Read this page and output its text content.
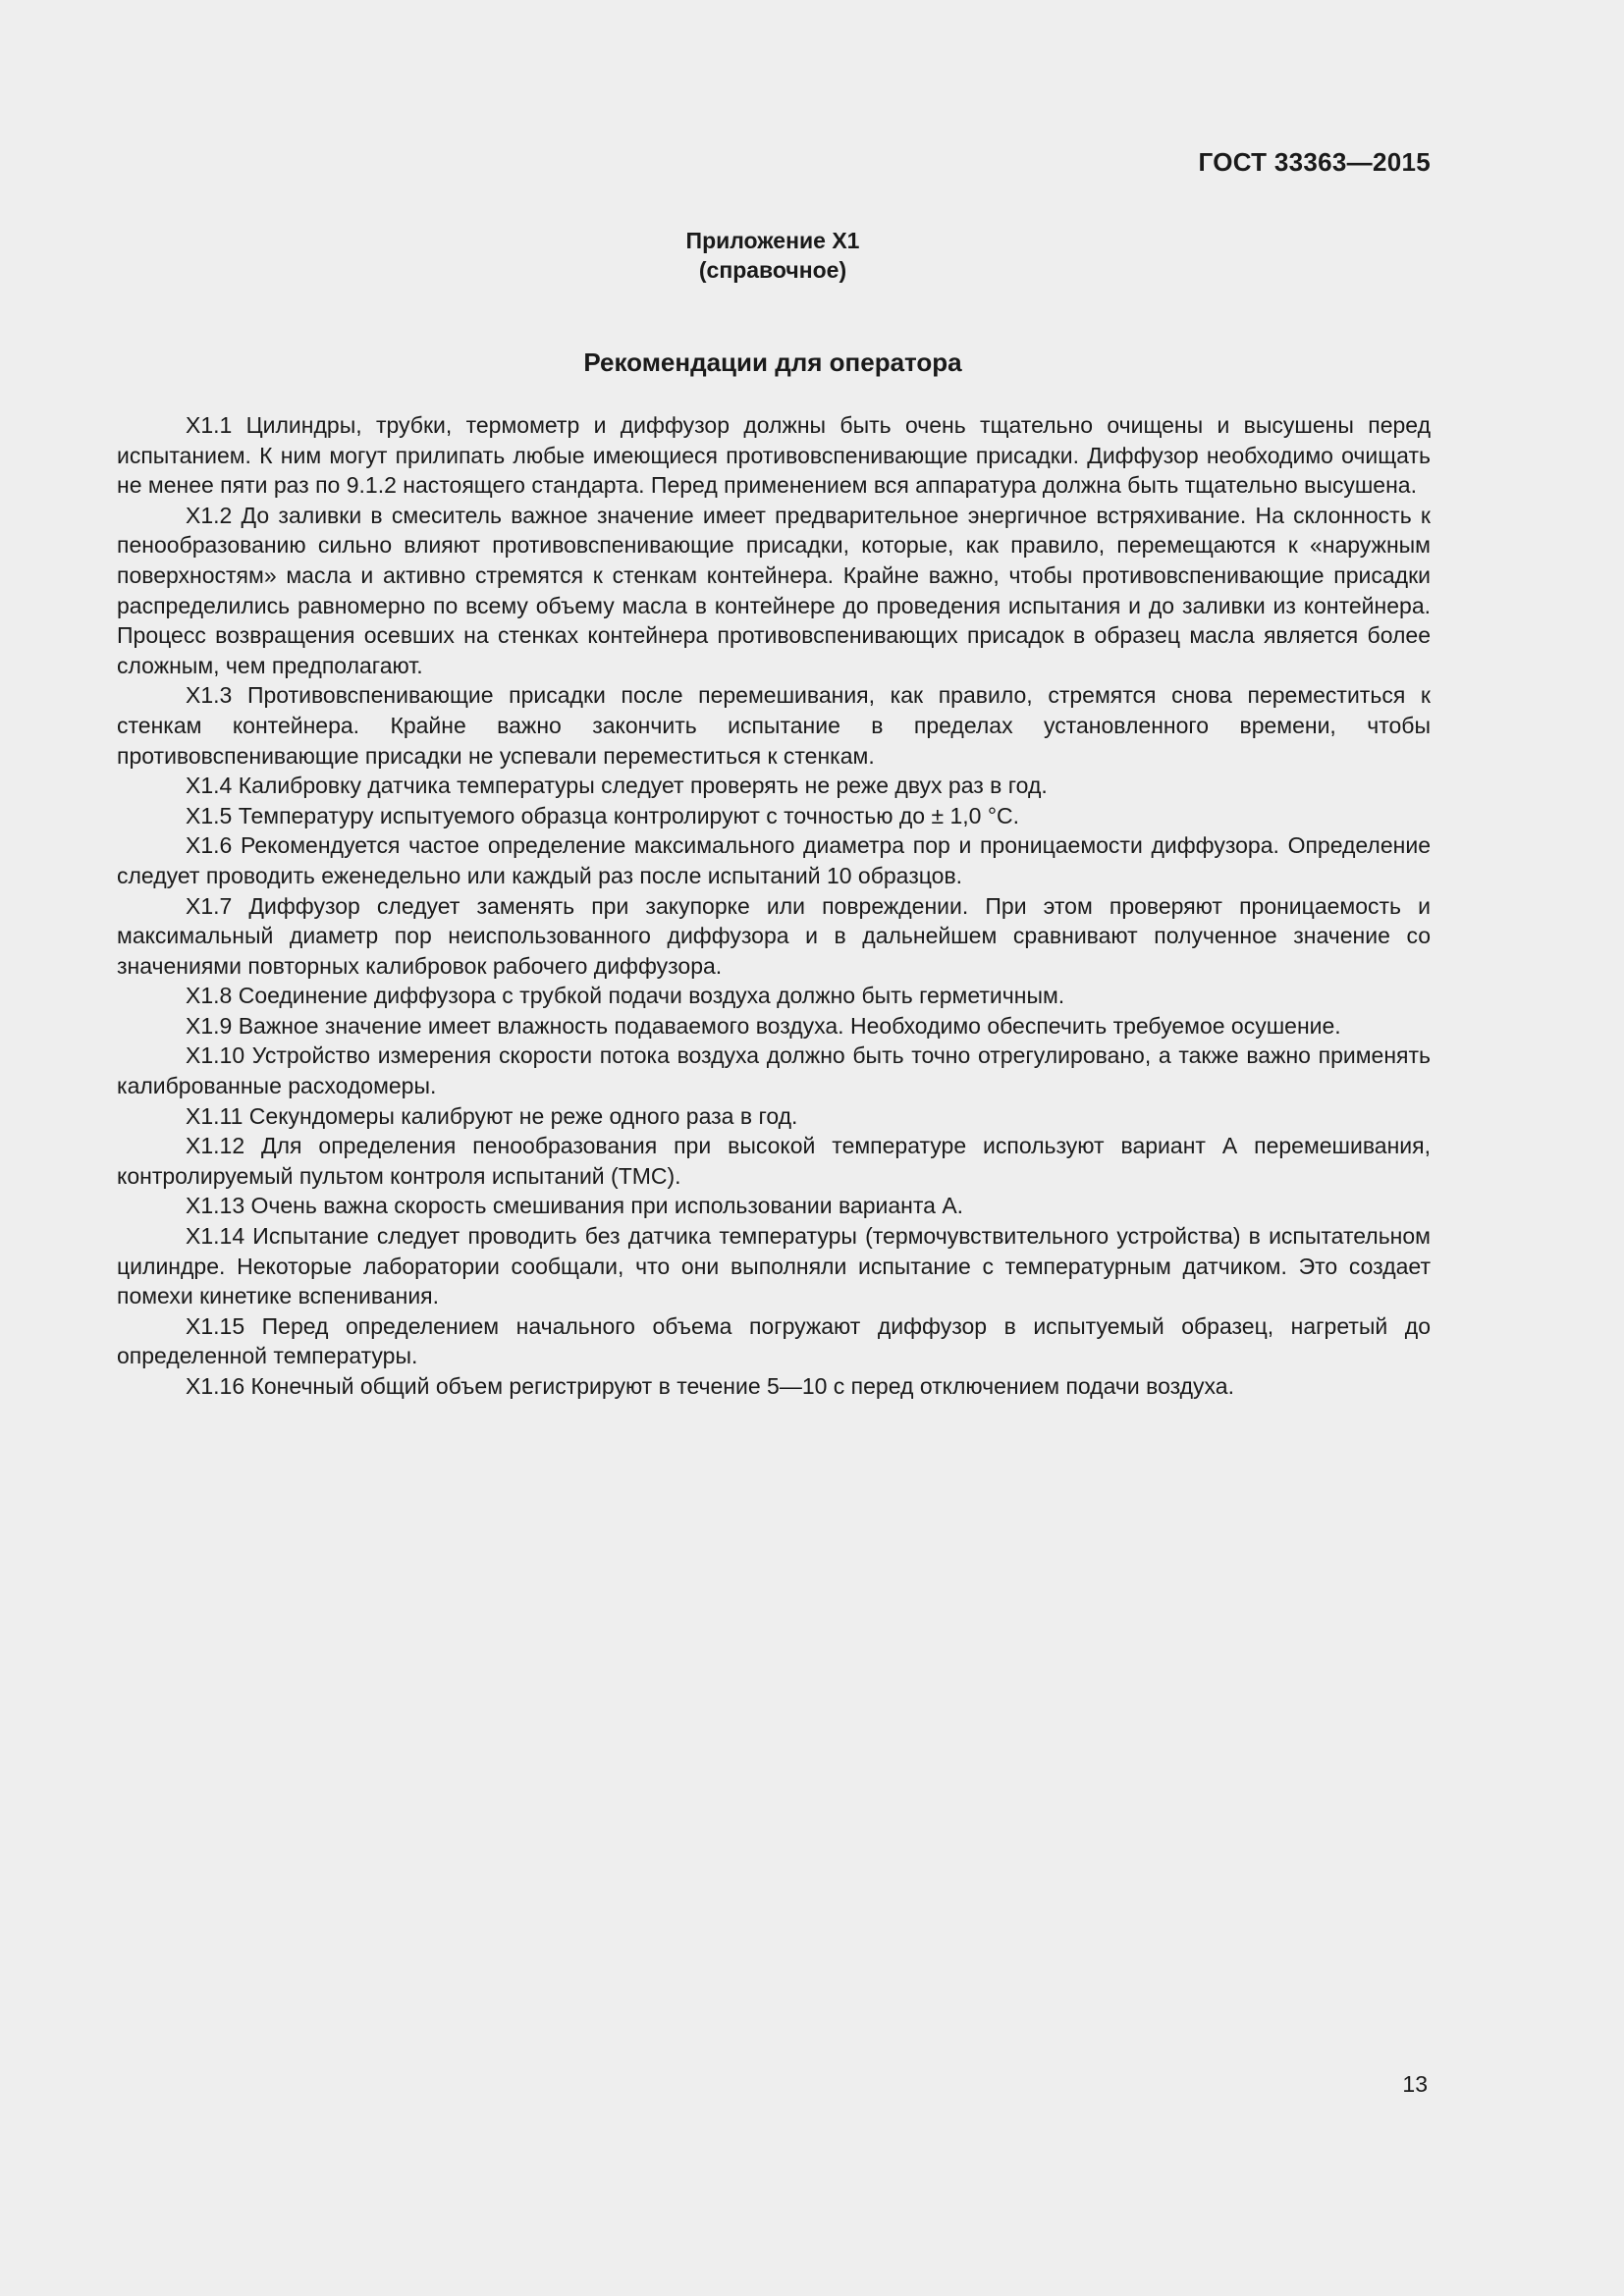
ГОСТ 33363—2015
Приложение X1
(справочное)
Рекомендации для оператора

X1.1 Цилиндры, трубки, термометр и диффузор должны быть очень тщательно очищены и высушены перед испытанием. К ним могут прилипать любые имеющиеся противовспенивающие присадки. Диффузор необходимо очищать не менее пяти раз по 9.1.2 настоящего стандарта. Перед применением вся аппаратура должна быть тщательно высушена.

X1.2 До заливки в смеситель важное значение имеет предварительное энергичное встряхивание. На склонность к пенообразованию сильно влияют противовспенивающие присадки, которые, как правило, перемещаются к «наружным поверхностям» масла и активно стремятся к стенкам контейнера. Крайне важно, чтобы противовспенивающие присадки распределились равномерно по всему объему масла в контейнере до проведения испытания и до заливки из контейнера. Процесс возвращения осевших на стенках контейнера противовспенивающих присадок в образец масла является более сложным, чем предполагают.

X1.3 Противовспенивающие присадки после перемешивания, как правило, стремятся снова переместиться к стенкам контейнера. Крайне важно закончить испытание в пределах установленного времени, чтобы противовспенивающие присадки не успевали переместиться к стенкам.

X1.4 Калибровку датчика температуры следует проверять не реже двух раз в год.

X1.5 Температуру испытуемого образца контролируют с точностью до ± 1,0 °С.

X1.6 Рекомендуется частое определение максимального диаметра пор и проницаемости диффузора. Определение следует проводить еженедельно или каждый раз после испытаний 10 образцов.

X1.7 Диффузор следует заменять при закупорке или повреждении. При этом проверяют проницаемость и максимальный диаметр пор неиспользованного диффузора и в дальнейшем сравнивают полученное значение со значениями повторных калибровок рабочего диффузора.

X1.8 Соединение диффузора с трубкой подачи воздуха должно быть герметичным.

X1.9 Важное значение имеет влажность подаваемого воздуха. Необходимо обеспечить требуемое осушение.

X1.10 Устройство измерения скорости потока воздуха должно быть точно отрегулировано, а также важно применять калиброванные расходомеры.

X1.11 Секундомеры калибруют не реже одного раза в год.

X1.12 Для определения пенообразования при высокой температуре используют вариант А перемешивания, контролируемый пультом контроля испытаний (TMC).

X1.13 Очень важна скорость смешивания при использовании варианта А.

X1.14 Испытание следует проводить без датчика температуры (термочувствительного устройства) в испытательном цилиндре. Некоторые лаборатории сообщали, что они выполняли испытание с температурным датчиком. Это создает помехи кинетике вспенивания.

X1.15 Перед определением начального объема погружают диффузор в испытуемый образец, нагретый до определенной температуры.

X1.16 Конечный общий объем регистрируют в течение 5—10 с перед отключением подачи воздуха.

13
